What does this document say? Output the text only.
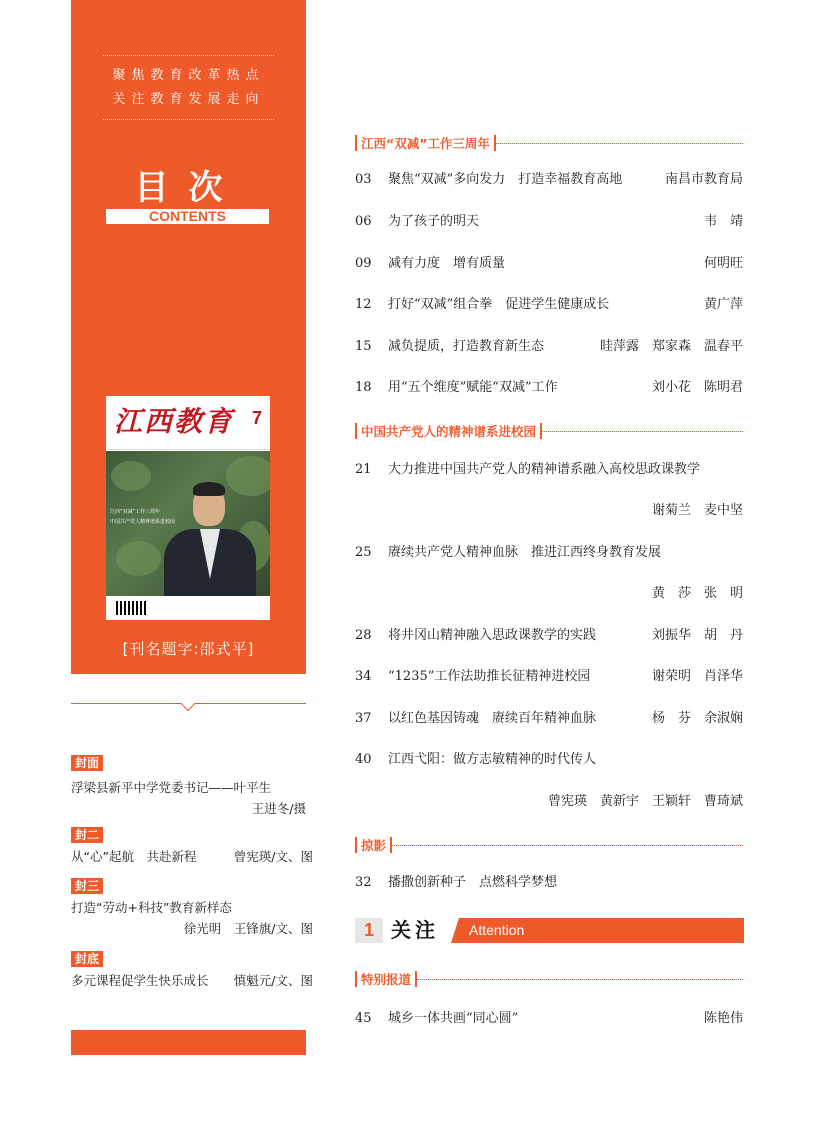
聚焦教育改革热点
关注教育发展走向
目次
CONTENTS
江西教育 7
江西“双减”工作三周年
中国共产党人精神谱系进校园
[刊名题字:邵式平]
封面
浮梁县新平中学党委书记——叶平生
王进冬/摄
封二
从“心”起航　共赴新程	曾宪瑛/文、图
封三
打造“劳动+科技”教育新样态
徐光明　王锋旗/文、图
封底
多元课程促学生快乐成长 慎魁元/文、图
江西“双减”工作三周年
03	聚焦“双减”多向发力　打造幸福教育高地	南昌市教育局
06	为了孩子的明天	韦　靖
09	减有力度　增有质量	何明旺
12	打好“双减”组合拳　促进学生健康成长	黄广萍
15	减负提质，打造教育新生态	眭萍露　郑家森　温春平
18	用“五个维度”赋能“双减”工作	刘小花　陈明君
中国共产党人的精神谱系进校园
21	大力推进中国共产党人的精神谱系融入高校思政课教学
谢菊兰　麦中坚
25	赓续共产党人精神血脉　推进江西终身教育发展
黄　莎　张　明
28	将井冈山精神融入思政课教学的实践	刘振华　胡　丹
34	“1235”工作法助推长征精神进校园	谢荣明　肖泽华
37	以红色基因铸魂　赓续百年精神血脉	杨　芬　余淑娴
40	江西弋阳：做方志敏精神的时代传人
曾宪瑛　黄新宇　王颖轩　曹琦斌
掠影
32	播撒创新种子　点燃科学梦想
特别报道
45	城乡一体共画“同心圆”	陈艳伟
1 关注 Attention
